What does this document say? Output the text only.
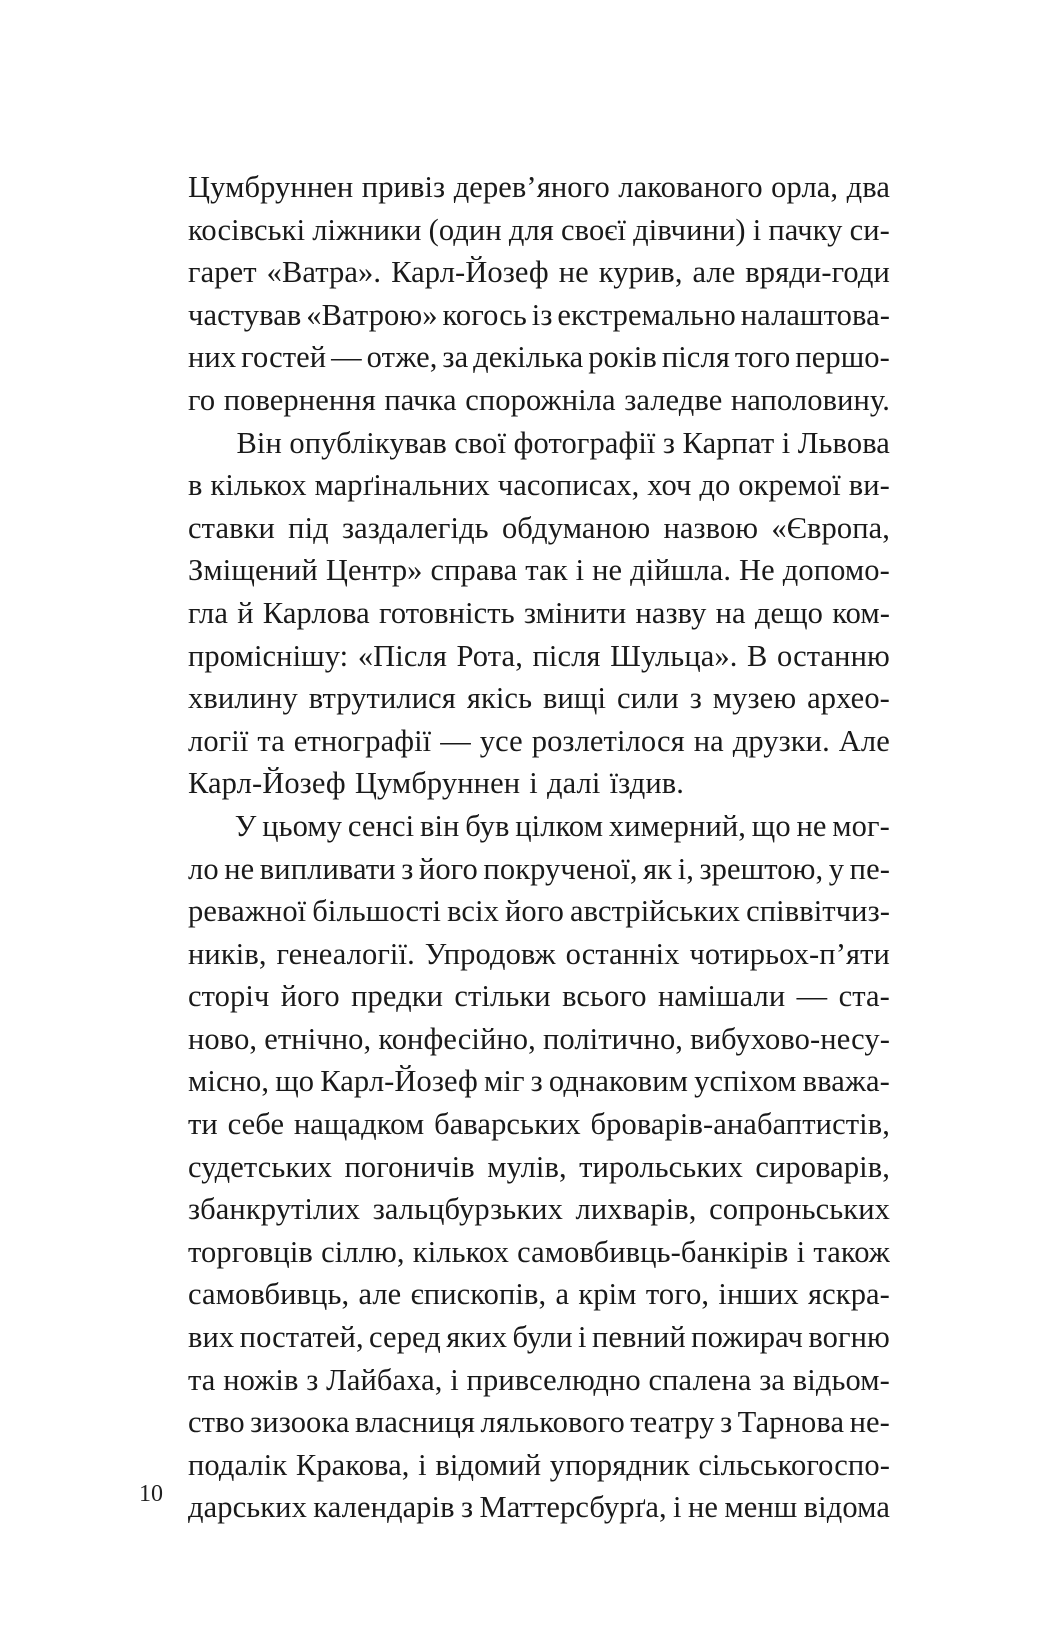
Цумбруннен привіз дерев’яного лакованого орла, два
косівські ліжники (один для своєї дівчини) і пачку си-
гарет «Ватра». Карл-Йозеф не курив, але вряди-годи
частував «Ватрою» когось із екстремально налаштова-
них гостей — отже, за декілька років після того першо-
го повернення пачка спорожніла заледве наполовину.
Він опублікував свої фотографії з Карпат і Львова
в кількох марґінальних часописах, хоч до окремої ви-
ставки під заздалегідь обдуманою назвою «Європа,
Зміщений Центр» справа так і не дійшла. Не допомо-
гла й Карлова готовність змінити назву на дещо ком-
проміснішу: «Після Рота, після Шульца». В останню
хвилину втрутилися якісь вищі сили з музею архео-
логії та етнографії — усе розлетілося на друзки. Але
Карл-Йозеф Цумбруннен і далі їздив.
У цьому сенсі він був цілком химерний, що не мог-
ло не випливати з його покрученої, як і, зрештою, у пе-
реважної більшості всіх його австрійських співвітчиз-
ників, генеалогії. Упродовж останніх чотирьох-п’яти
сторіч його предки стільки всього намішали — ста-
ново, етнічно, конфесійно, політично, вибухово-несу-
місно, що Карл-Йозеф міг з однаковим успіхом вважа-
ти себе нащадком баварських броварів-анабаптистів,
судетських погоничів мулів, тирольських сироварів,
збанкрутілих зальцбурзьких лихварів, сопроньських
торговців сіллю, кількох самовбивць-банкірів і також
самовбивць, але єпископів, а крім того, інших яскра-
вих постатей, серед яких були і певний пожирач вогню
та ножів з Лайбаха, і привселюдно спалена за відьом-
ство зизоока власниця лялькового театру з Тарнова не-
подалік Кракова, і відомий упорядник сільськогоспо-
дарських календарів з Маттерсбурґа, і не менш відома
10
